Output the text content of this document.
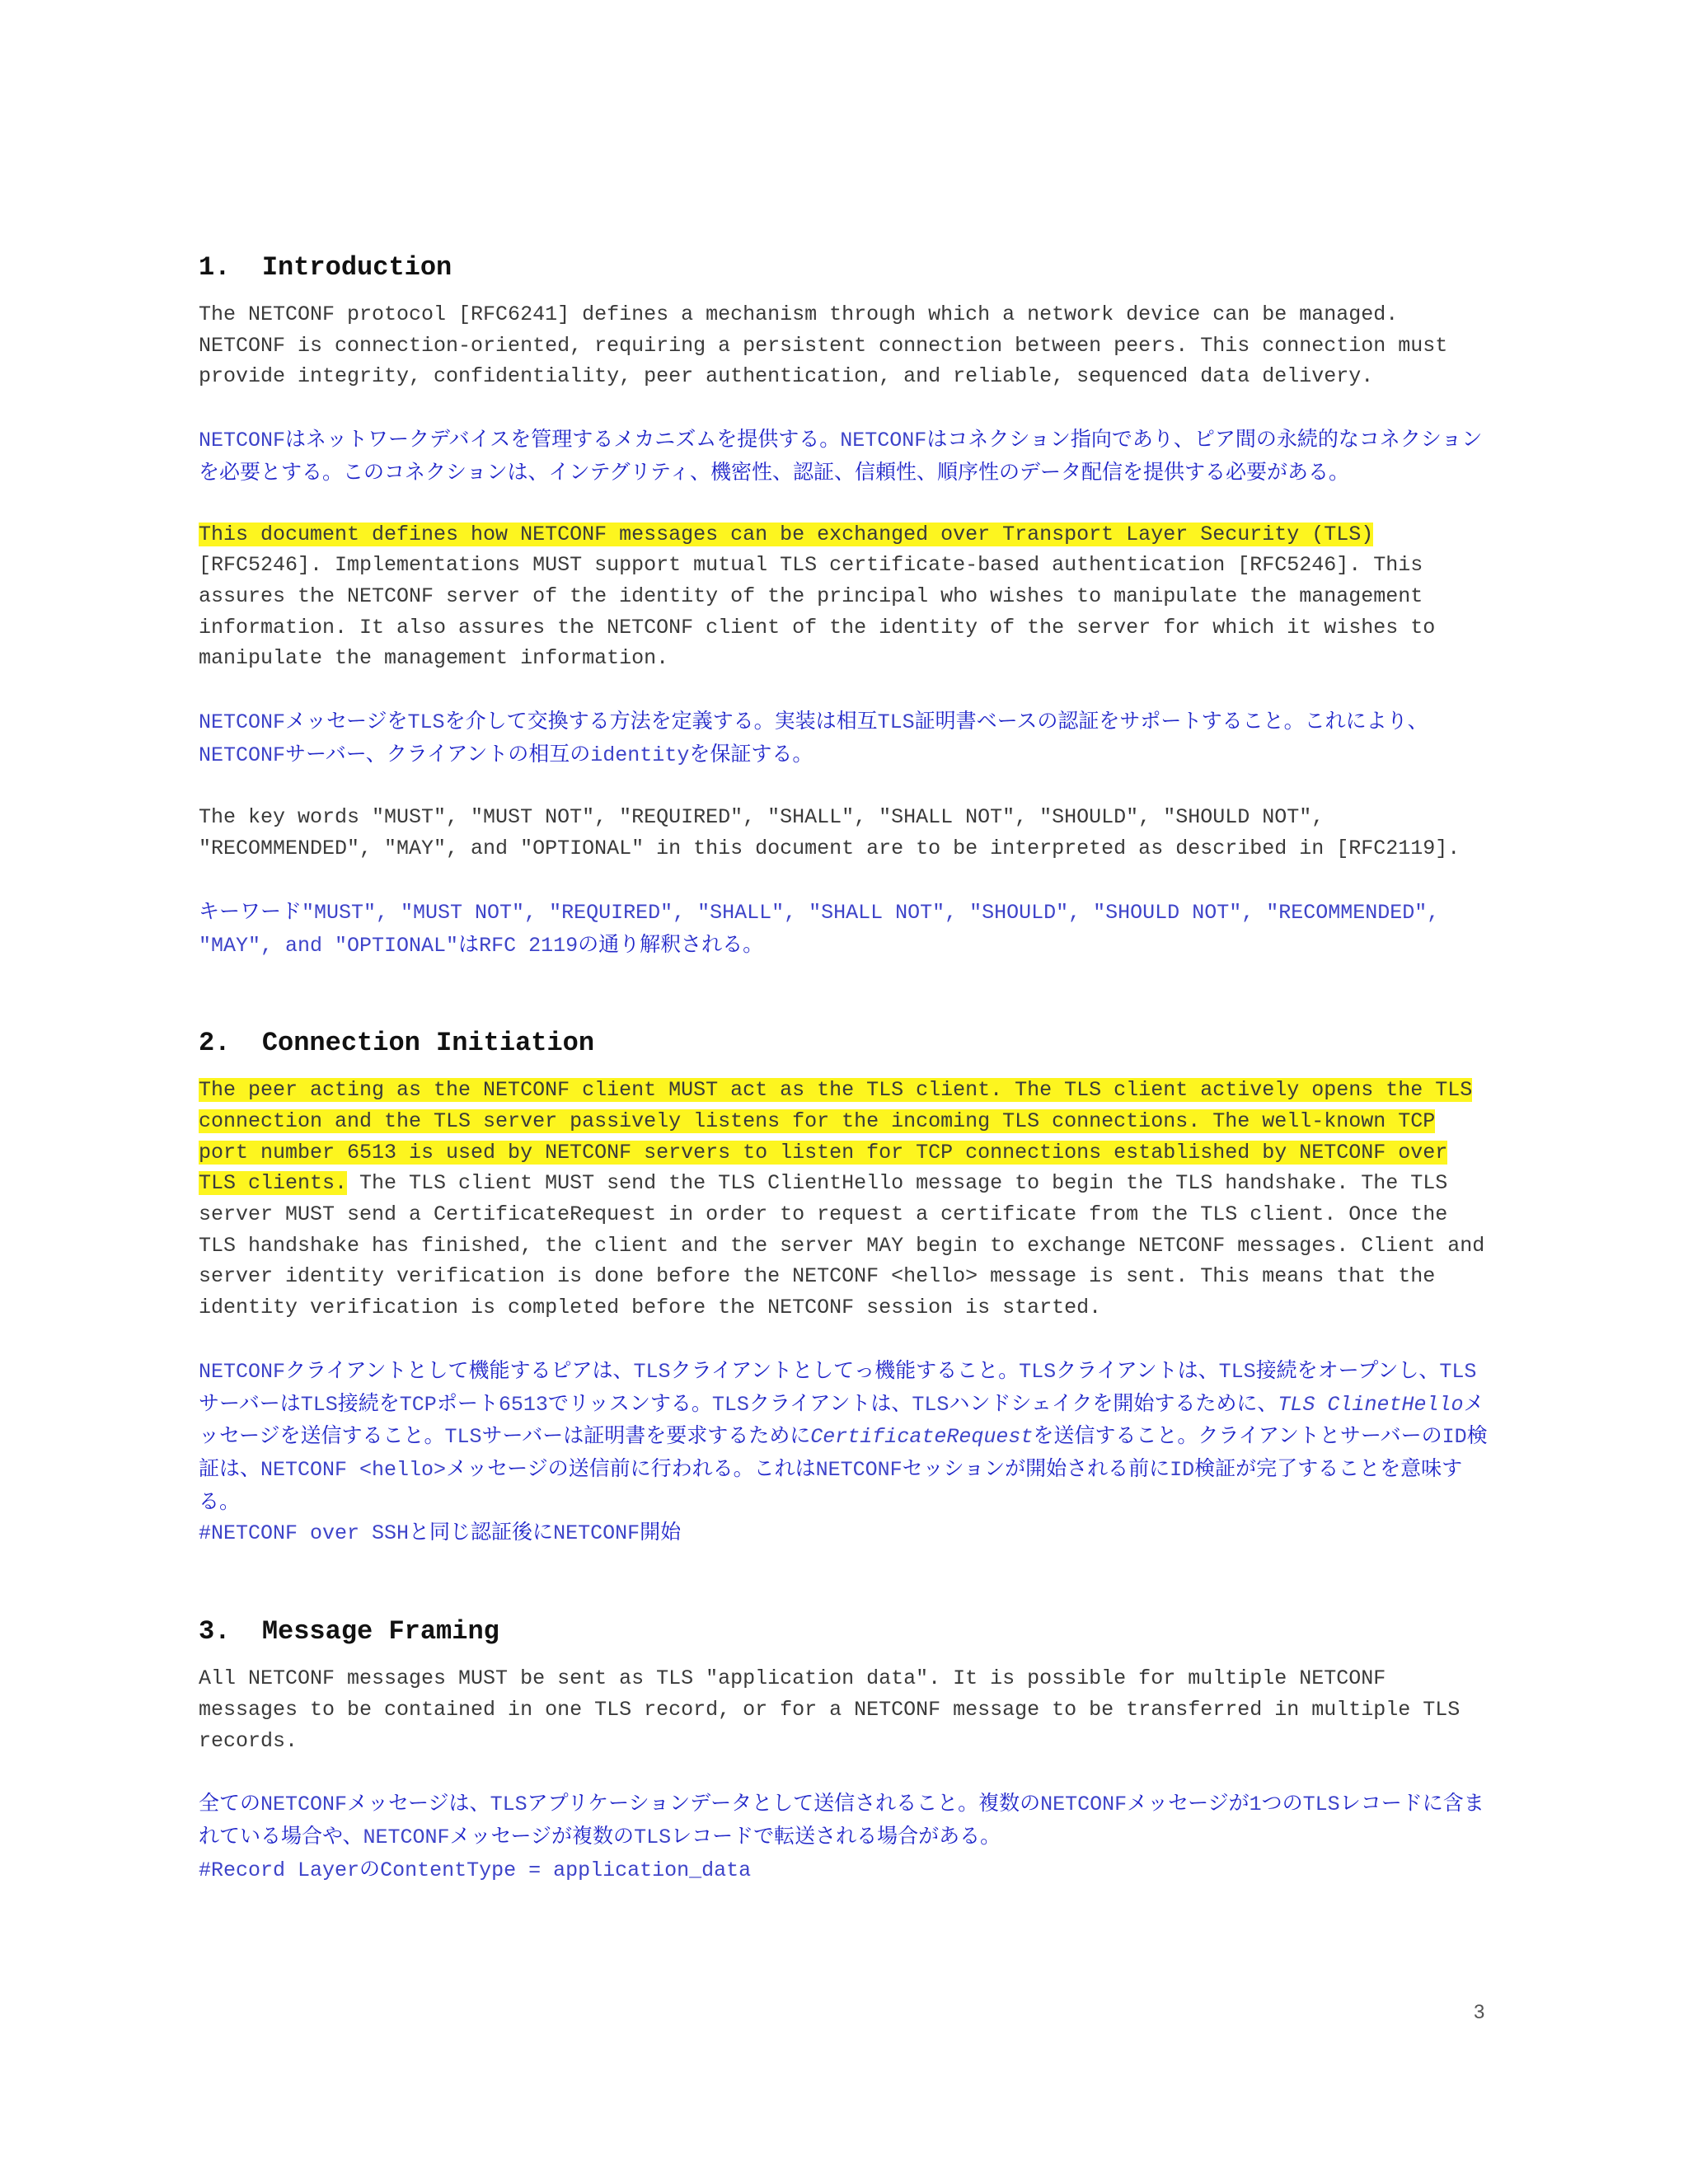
1.  Introduction

The NETCONF protocol [RFC6241] defines a mechanism through which a network device can be managed. NETCONF is connection-oriented, requiring a persistent connection between peers. This connection must provide integrity, confidentiality, peer authentication, and reliable, sequenced data delivery.

NETCONFはネットワークデバイスを管理するメカニズムを提供する。NETCONFはコネクション指向であり、ピア間の永続的なコネクションを必要とする。このコネクションは、インテグリティ、機密性、認証、信頼性、順序性のデータ配信を提供する必要がある。

This document defines how NETCONF messages can be exchanged over Transport Layer Security (TLS) [RFC5246]. Implementations MUST support mutual TLS certificate-based authentication [RFC5246]. This assures the NETCONF server of the identity of the principal who wishes to manipulate the management information. It also assures the NETCONF client of the identity of the server for which it wishes to manipulate the management information.

NETCONFメッセージをTLSを介して交換する方法を定義する。実装は相互TLS証明書ベースの認証をサポートすること。これにより、NETCONFサーバー、クライアントの相互のidentityを保証する。

The key words "MUST", "MUST NOT", "REQUIRED", "SHALL", "SHALL NOT", "SHOULD", "SHOULD NOT", "RECOMMENDED", "MAY", and "OPTIONAL" in this document are to be interpreted as described in [RFC2119].

キーワード"MUST", "MUST NOT", "REQUIRED", "SHALL", "SHALL NOT", "SHOULD", "SHOULD NOT", "RECOMMENDED", "MAY", and "OPTIONAL"はRFC 2119の通り解釈される。

2.  Connection Initiation

The peer acting as the NETCONF client MUST act as the TLS client. The TLS client actively opens the TLS connection and the TLS server passively listens for the incoming TLS connections. The well-known TCP port number 6513 is used by NETCONF servers to listen for TCP connections established by NETCONF over TLS clients. The TLS client MUST send the TLS ClientHello message to begin the TLS handshake. The TLS server MUST send a CertificateRequest in order to request a certificate from the TLS client. Once the TLS handshake has finished, the client and the server MAY begin to exchange NETCONF messages. Client and server identity verification is done before the NETCONF <hello> message is sent. This means that the identity verification is completed before the NETCONF session is started.

NETCONFクライアントとして機能するピアは、TLSクライアントとしてっ機能すること。TLSクライアントは、TLS接続をオープンし、TLSサーバーはTLS接続をTCPポート6513でリッスンする。TLSクライアントは、TLSハンドシェイクを開始するために、TLS ClinetHelloメッセージを送信すること。TLSサーバーは証明書を要求するためにCertificateRequestを送信すること。クライアントとサーバーのID検証は、NETCONF <hello>メッセージの送信前に行われる。これはNETCONFセッションが開始される前にID検証が完了することを意味する。
#NETCONF over SSHと同じ認証後にNETCONF開始

3.  Message Framing

All NETCONF messages MUST be sent as TLS "application data". It is possible for multiple NETCONF messages to be contained in one TLS record, or for a NETCONF message to be transferred in multiple TLS records.

全てのNETCONFメッセージは、TLSアプリケーションデータとして送信されること。複数のNETCONFメッセージが1つのTLSレコードに含まれている場合や、NETCONFメッセージが複数のTLSレコードで転送される場合がある。
#Record LayerのContentType = application_data

3
